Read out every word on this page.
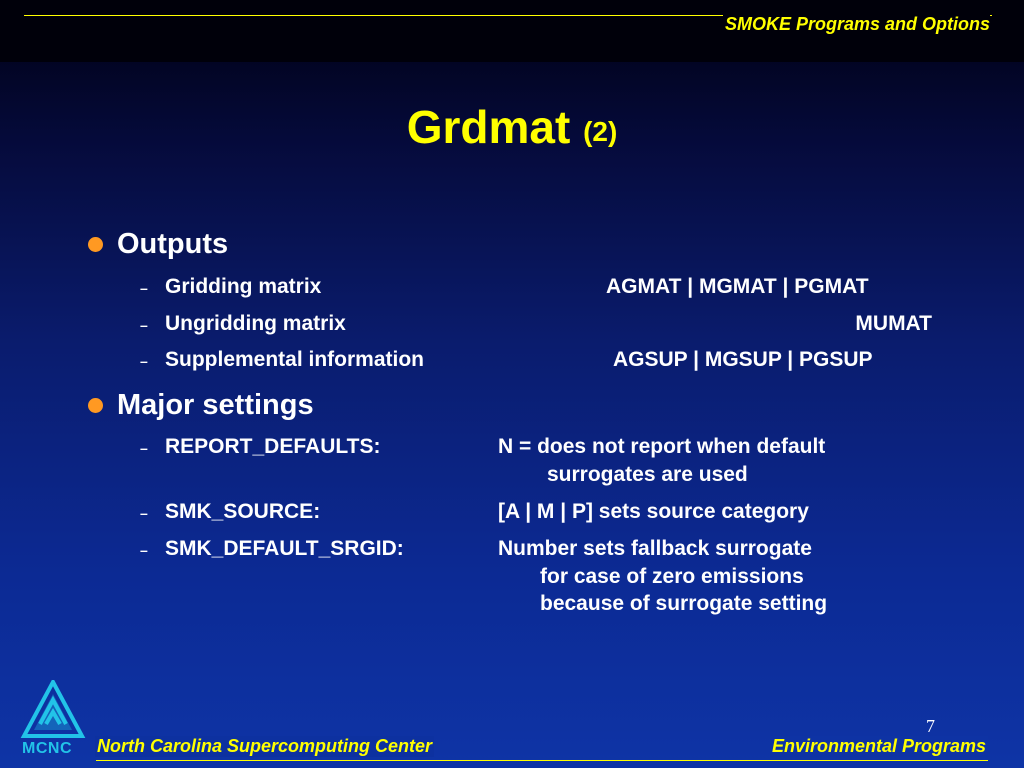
SMOKE Programs and Options
Grdmat (2)
Outputs
– Gridding matrix	AGMAT | MGMAT | PGMAT
– Ungridding matrix	MUMAT
– Supplemental information	AGSUP | MGSUP | PGSUP
Major settings
– REPORT_DEFAULTS:	N = does not report when default
surrogates are used
– SMK_SOURCE:	[A | M | P] sets source category
– SMK_DEFAULT_SRGID:	Number sets fallback surrogate
for case of zero emissions
because of surrogate setting
7
North Carolina Supercomputing Center	Environmental Programs
MCNC
